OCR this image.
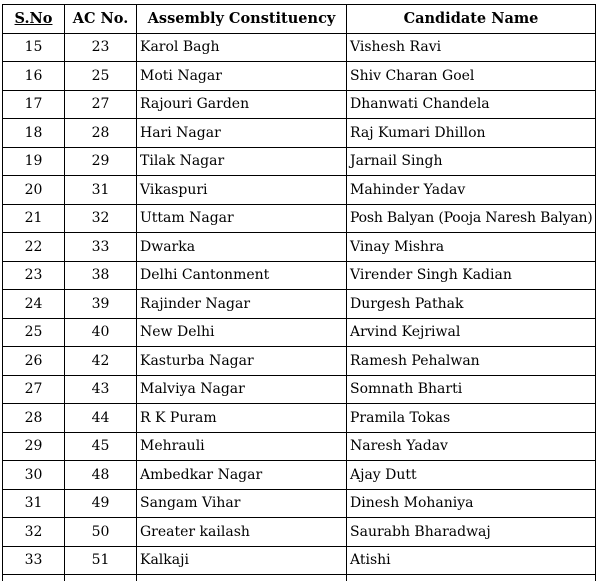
S.No	AC No.	Assembly Constituency	Candidate Name
15	23	Karol Bagh	Vishesh Ravi
16	25	Moti Nagar	Shiv Charan Goel
17	27	Rajouri Garden	Dhanwati Chandela
18	28	Hari Nagar	Raj Kumari Dhillon
19	29	Tilak Nagar	Jarnail Singh
20	31	Vikaspuri	Mahinder Yadav
21	32	Uttam Nagar	Posh Balyan (Pooja Naresh Balyan)
22	33	Dwarka	Vinay Mishra
23	38	Delhi Cantonment	Virender Singh Kadian
24	39	Rajinder Nagar	Durgesh Pathak
25	40	New Delhi	Arvind Kejriwal
26	42	Kasturba Nagar	Ramesh Pehalwan
27	43	Malviya Nagar	Somnath Bharti
28	44	R K Puram	Pramila Tokas
29	45	Mehrauli	Naresh Yadav
30	48	Ambedkar Nagar	Ajay Dutt
31	49	Sangam Vihar	Dinesh Mohaniya
32	50	Greater kailash	Saurabh Bharadwaj
33	51	Kalkaji	Atishi
